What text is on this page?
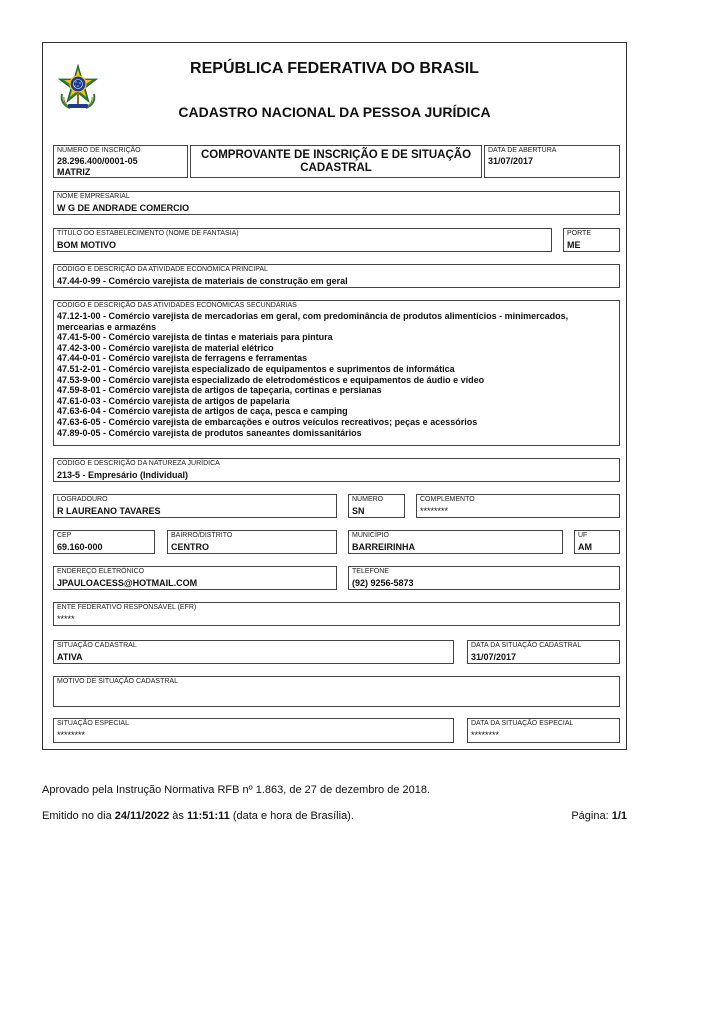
REPÚBLICA FEDERATIVA DO BRASIL
CADASTRO NACIONAL DA PESSOA JURÍDICA
NÚMERO DE INSCRIÇÃO
28.296.400/0001-05
MATRIZ
COMPROVANTE DE INSCRIÇÃO E DE SITUAÇÃO CADASTRAL
DATA DE ABERTURA
31/07/2017
NOME EMPRESARIAL
W G DE ANDRADE COMERCIO
TÍTULO DO ESTABELECIMENTO (NOME DE FANTASIA)
BOM MOTIVO
PORTE
ME
CÓDIGO E DESCRIÇÃO DA ATIVIDADE ECONÔMICA PRINCIPAL
47.44-0-99 - Comércio varejista de materiais de construção em geral
CÓDIGO E DESCRIÇÃO DAS ATIVIDADES ECONÔMICAS SECUNDÁRIAS
47.12-1-00 - Comércio varejista de mercadorias em geral, com predominância de produtos alimentícios - minimercados, mercearias e armazéns
47.41-5-00 - Comércio varejista de tintas e materiais para pintura
47.42-3-00 - Comércio varejista de material elétrico
47.44-0-01 - Comércio varejista de ferragens e ferramentas
47.51-2-01 - Comércio varejista especializado de equipamentos e suprimentos de informática
47.53-9-00 - Comércio varejista especializado de eletrodomésticos e equipamentos de áudio e vídeo
47.59-8-01 - Comércio varejista de artigos de tapeçaria, cortinas e persianas
47.61-0-03 - Comércio varejista de artigos de papelaria
47.63-6-04 - Comércio varejista de artigos de caça, pesca e camping
47.63-6-05 - Comércio varejista de embarcações e outros veículos recreativos; peças e acessórios
47.89-0-05 - Comércio varejista de produtos saneantes domissanitários
CÓDIGO E DESCRIÇÃO DA NATUREZA JURÍDICA
213-5 - Empresário (Individual)
LOGRADOURO
R LAUREANO TAVARES
NÚMERO
SN
COMPLEMENTO
********
CEP
69.160-000
BAIRRO/DISTRITO
CENTRO
MUNICÍPIO
BARREIRINHA
UF
AM
ENDEREÇO ELETRÔNICO
JPAULOACESS@HOTMAIL.COM
TELEFONE
(92) 9256-5873
ENTE FEDERATIVO RESPONSÁVEL (EFR)
*****
SITUAÇÃO CADASTRAL
ATIVA
DATA DA SITUAÇÃO CADASTRAL
31/07/2017
MOTIVO DE SITUAÇÃO CADASTRAL
SITUAÇÃO ESPECIAL
********
DATA DA SITUAÇÃO ESPECIAL
********
Aprovado pela Instrução Normativa RFB nº 1.863, de 27 de dezembro de 2018.
Emitido no dia 24/11/2022 às 11:51:11 (data e hora de Brasília).	Página: 1/1
